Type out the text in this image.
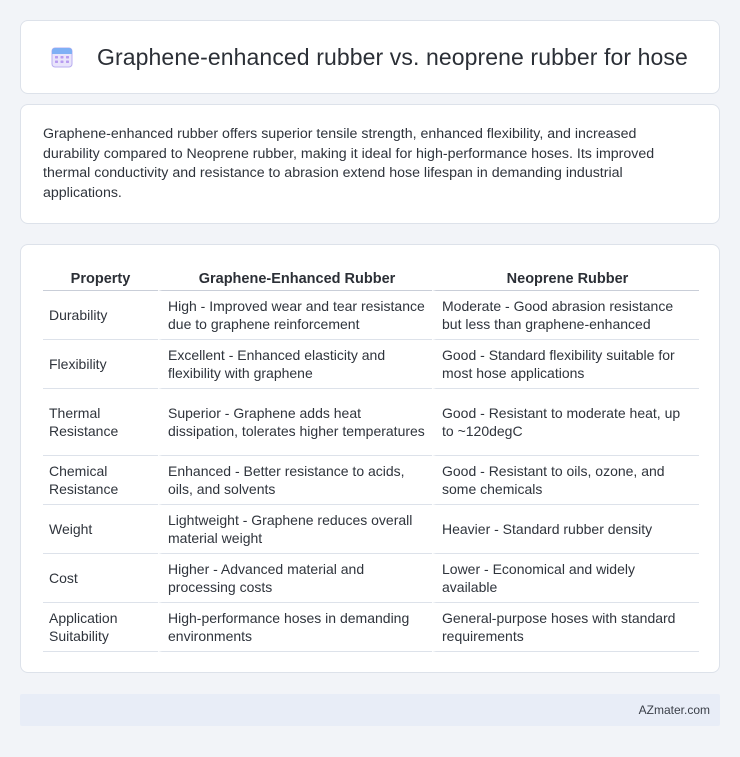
Graphene-enhanced rubber vs. neoprene rubber for hose

Graphene-enhanced rubber offers superior tensile strength, enhanced flexibility, and increased durability compared to Neoprene rubber, making it ideal for high-performance hoses. Its improved thermal conductivity and resistance to abrasion extend hose lifespan in demanding industrial applications.

Property	Graphene-Enhanced Rubber	Neoprene Rubber
Durability	High - Improved wear and tear resistance due to graphene reinforcement	Moderate - Good abrasion resistance but less than graphene-enhanced
Flexibility	Excellent - Enhanced elasticity and flexibility with graphene	Good - Standard flexibility suitable for most hose applications
Thermal Resistance	Superior - Graphene adds heat dissipation, tolerates higher temperatures	Good - Resistant to moderate heat, up to ~120degC
Chemical Resistance	Enhanced - Better resistance to acids, oils, and solvents	Good - Resistant to oils, ozone, and some chemicals
Weight	Lightweight - Graphene reduces overall material weight	Heavier - Standard rubber density
Cost	Higher - Advanced material and processing costs	Lower - Economical and widely available
Application Suitability	High-performance hoses in demanding environments	General-purpose hoses with standard requirements
AZmater.com
